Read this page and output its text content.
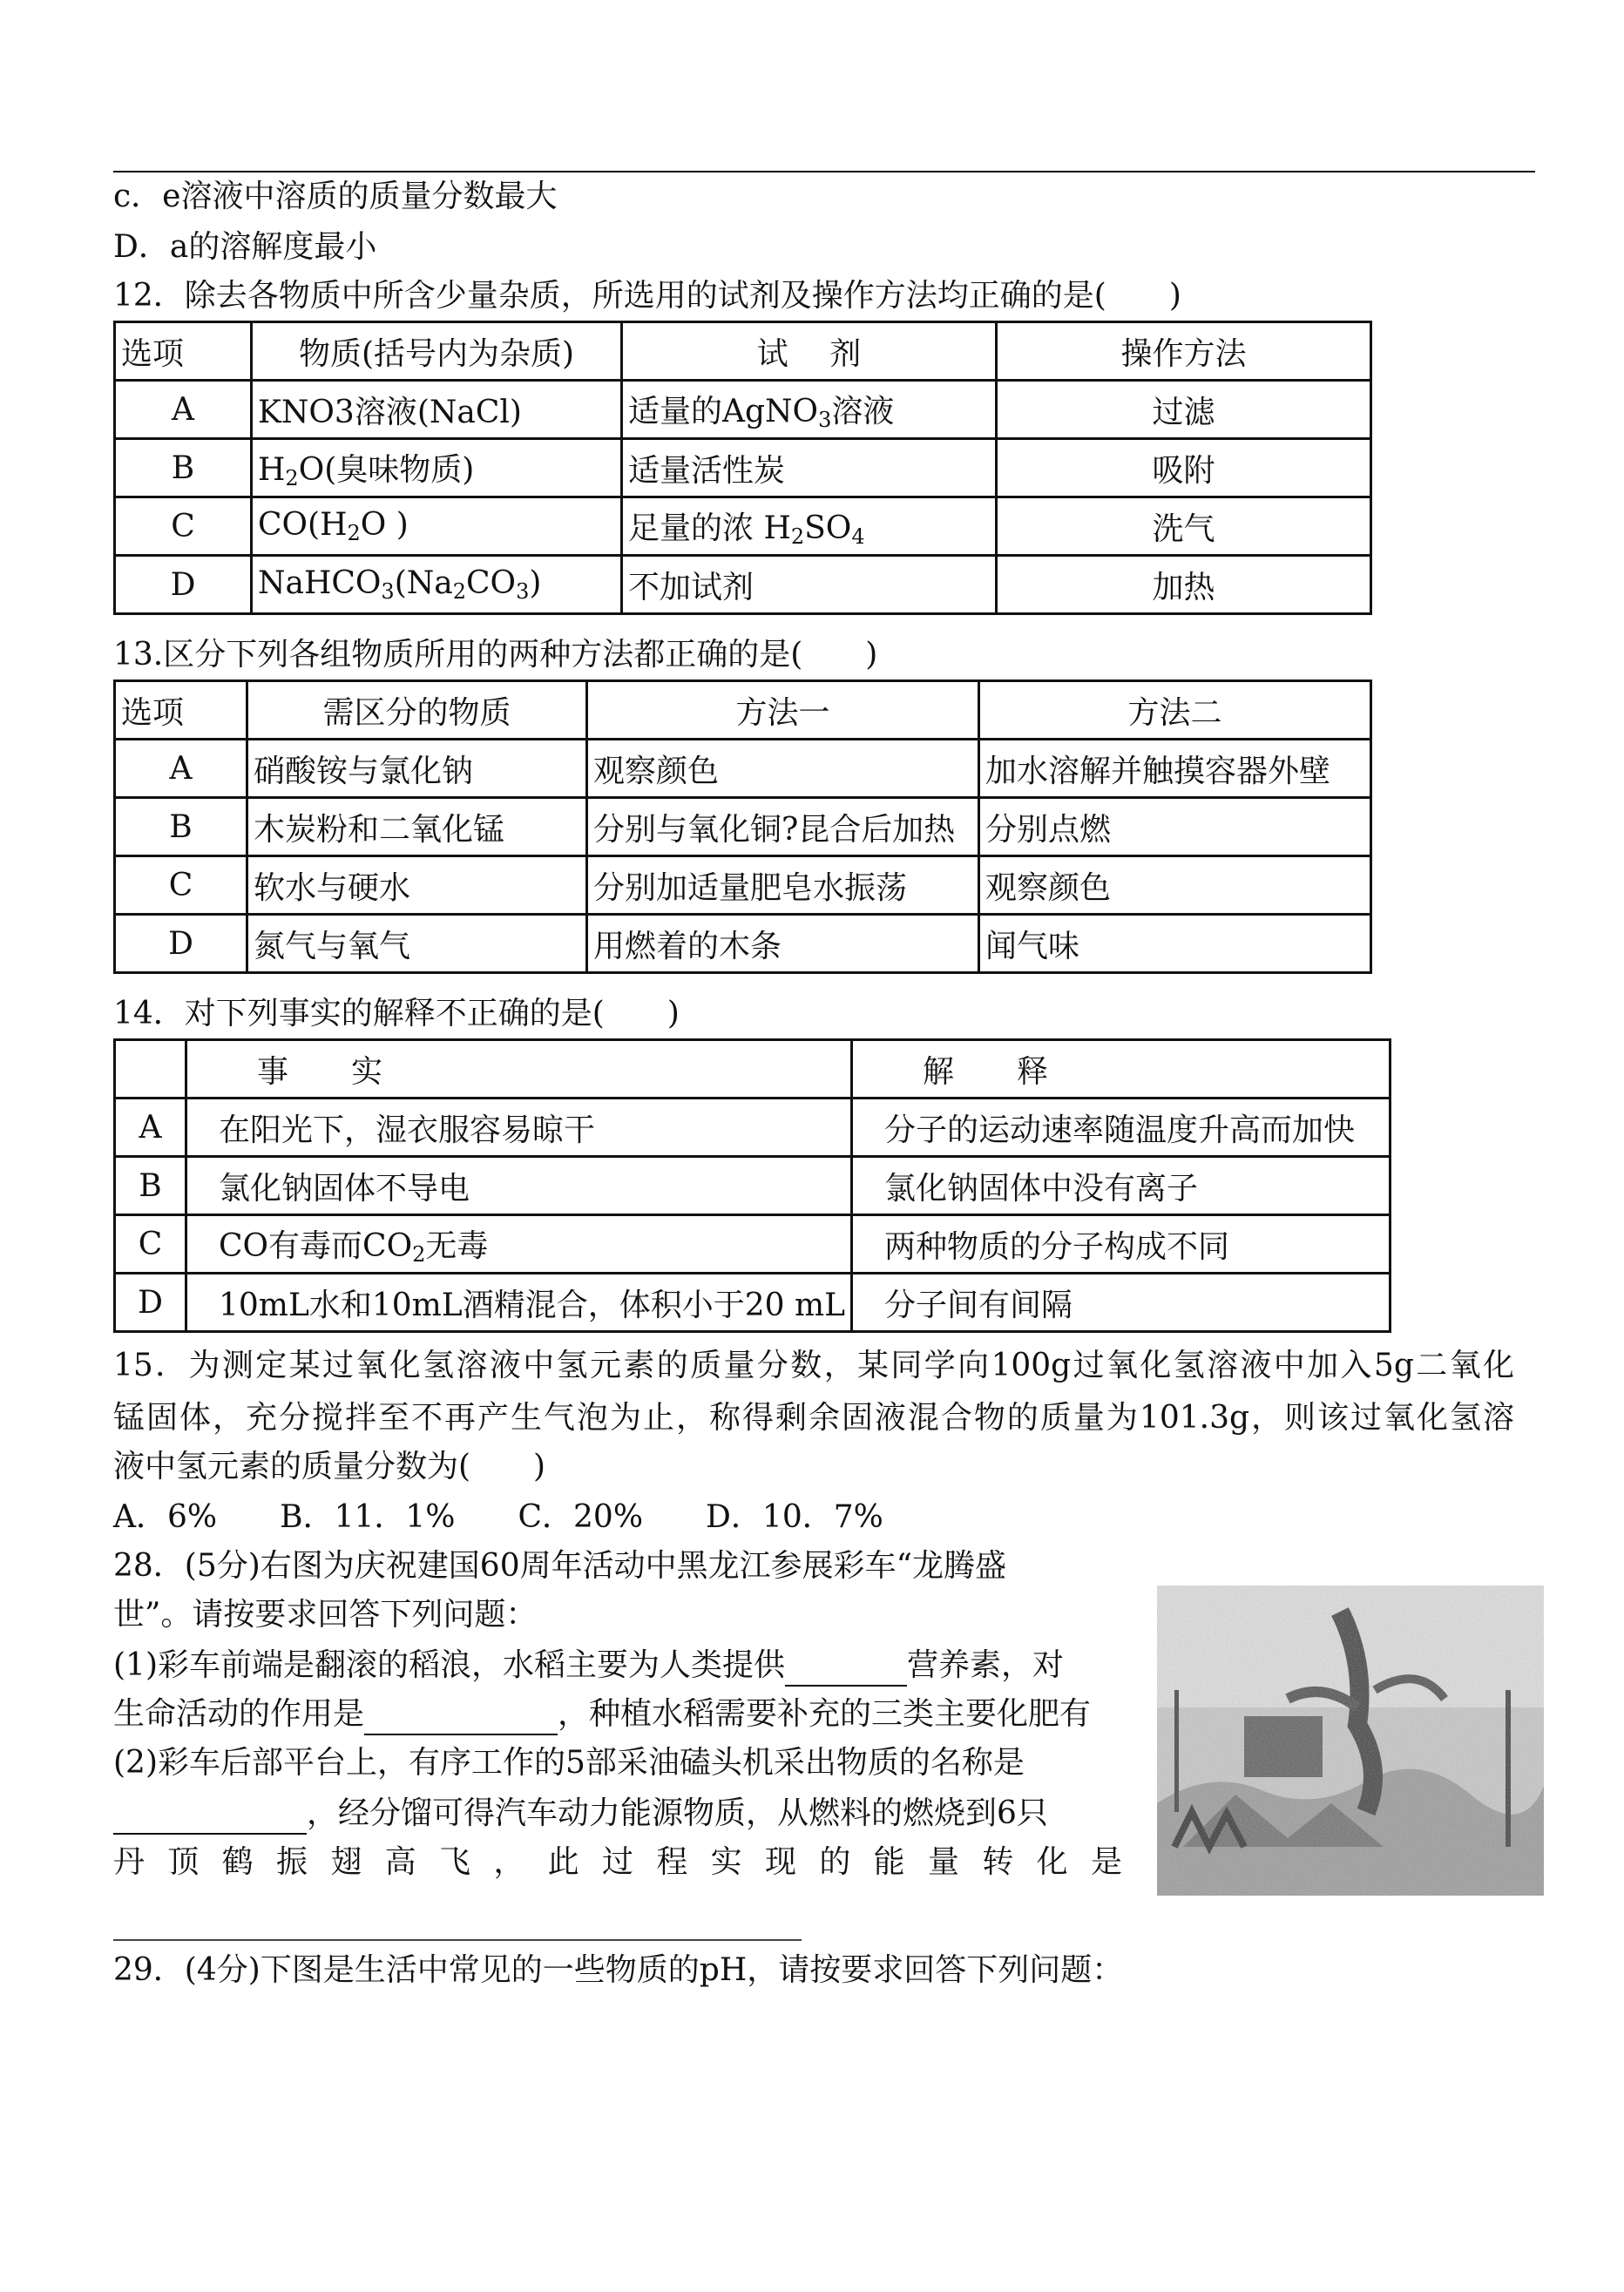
c．e溶液中溶质的质量分数最大
D．a的溶解度最小
12．除去各物质中所含少量杂质，所选用的试剂及操作方法均正确的是(　　)
选项	物质(括号内为杂质)	试　 剂	操作方法
A	KNO3溶液(NaCl)	适量的AgNO$_3$溶液	过滤
B	$H_2O$(臭味物质)	适量活性炭	吸附
C	$CO(H_2O$ )	足量的浓 $H_2SO_4$	洗气
D	$NaHCO_3(Na_2CO_3)$	不加试剂	加热
13.区分下列各组物质所用的两种方法都正确的是(　　)
选项	需区分的物质	方法一	方法二
A	硝酸铵与氯化钠	观察颜色	加水溶解并触摸容器外壁
B	木炭粉和二氧化锰	分别与氧化铜?昆合后加热	分别点燃
C	软水与硬水	分别加适量肥皂水振荡	观察颜色
D	氮气与氧气	用燃着的木条	闻气味
14．对下列事实的解释不正确的是(　　)
	事　　实	解　　释
A	在阳光下，湿衣服容易晾干	分子的运动速率随温度升高而加快
B	氯化钠固体不导电	氯化钠固体中没有离子
C	CO有毒而$CO_2$无毒	两种物质的分子构成不同
D	10mL水和10mL酒精混合，体积小于20 mL	分子间有间隔
15．为测定某过氧化氢溶液中氢元素的质量分数，某同学向100g过氧化氢溶液中加入5g二氧化
锰固体，充分搅拌至不再产生气泡为止，称得剩余固液混合物的质量为101.3g，则该过氧化氢溶
液中氢元素的质量分数为(　　)
A．6%　　B．11．1%　　C．20%　　D．10．7%
28．(5分)右图为庆祝建国60周年活动中黑龙江参展彩车“龙腾盛
世”。请按要求回答下列问题：
(1)彩车前端是翻滚的稻浪，水稻主要为人类提供	营养素，对
生命活动的作用是	，种植水稻需要补充的三类主要化肥有
(2)彩车后部平台上，有序工作的5部采油磕头机采出物质的名称是
，经分馏可得汽车动力能源物质，从燃料的燃烧到6只
丹 顶 鹤 振 翅 高 飞 ， 此 过 程 实 现 的 能 量 转 化 是
29．(4分)下图是生活中常见的一些物质的pH，请按要求回答下列问题：
